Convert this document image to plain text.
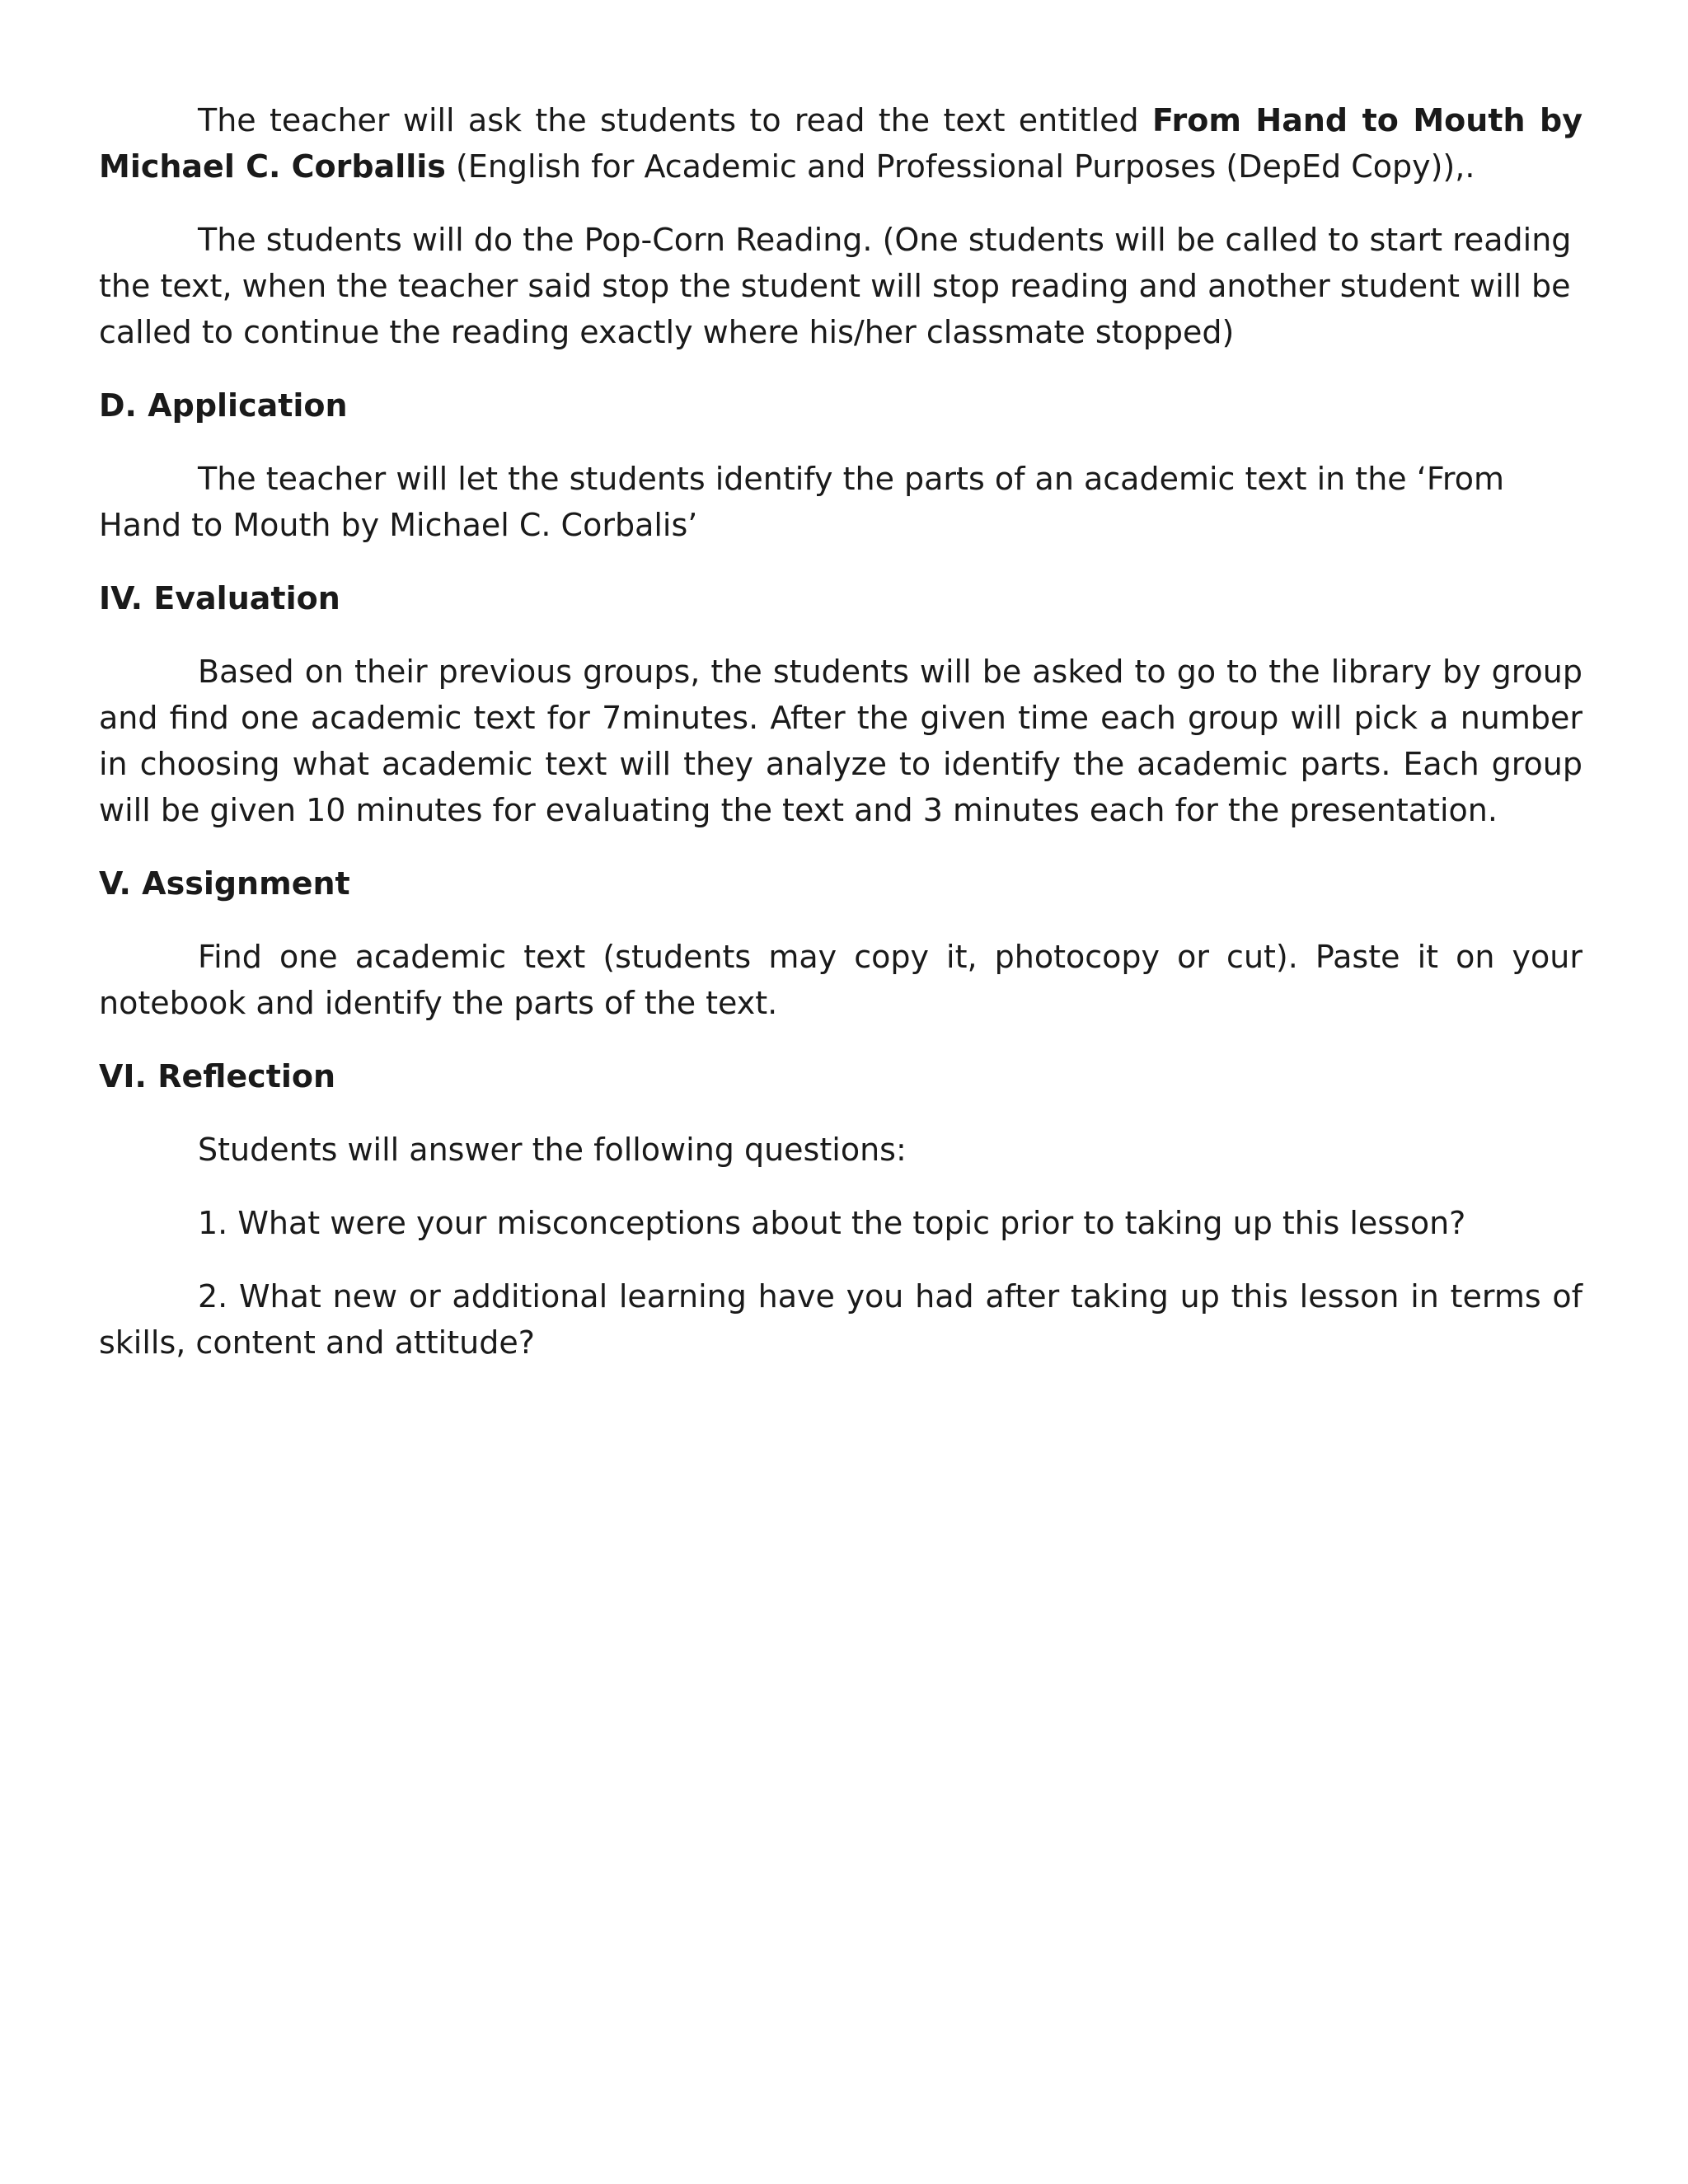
The teacher will ask the students to read the text entitled From Hand to Mouth by Michael C. Corballis (English for Academic and Professional Purposes (DepEd Copy)),.

The students will do the Pop-Corn Reading. (One students will be called to start reading the text, when the teacher said stop the student will stop reading and another student will be called to continue the reading exactly where his/her classmate stopped)

D. Application

The teacher will let the students identify the parts of an academic text in the ‘From Hand to Mouth by Michael C. Corbalis’

IV. Evaluation

Based on their previous groups, the students will be asked to go to the library by group and find one academic text for 7minutes. After the given time each group will pick a number in choosing what academic text will they analyze to identify the academic parts. Each group will be given 10 minutes for evaluating the text and 3 minutes each for the presentation.

V. Assignment

Find one academic text (students may copy it, photocopy or cut). Paste it on your notebook and identify the parts of the text.

VI. Reflection

Students will answer the following questions:

1. What were your misconceptions about the topic prior to taking up this lesson?

2. What new or additional learning have you had after taking up this lesson in terms of skills, content and attitude?
